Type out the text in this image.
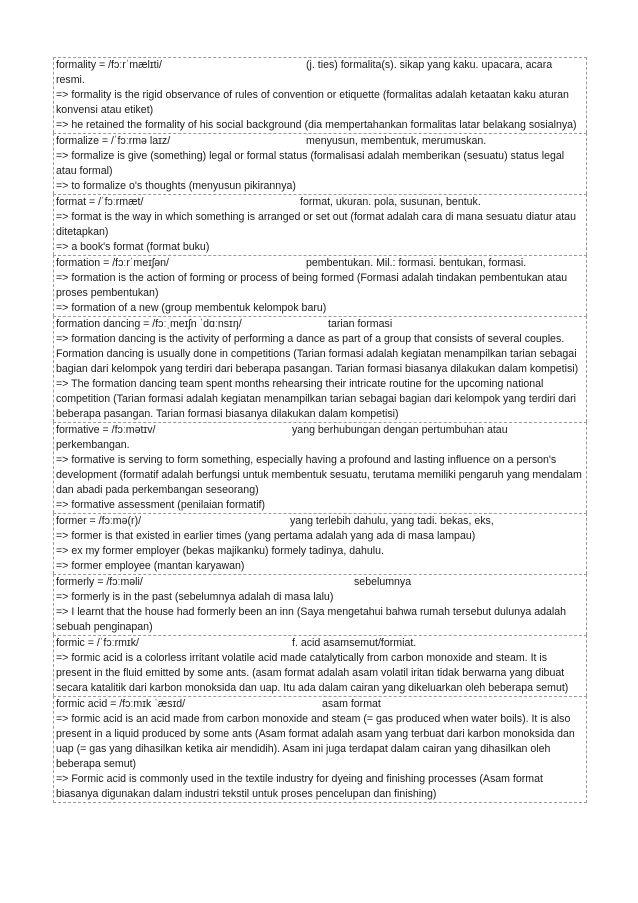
formality = /fɔːrˈmælɪti/	(j. ties) formalita(s). sikap yang kaku. upacara, acara
resmi.
=> formality is the rigid observance of rules of convention or etiquette (formalitas adalah ketaatan kaku aturan konvensi atau etiket)
=> he retained the formality of his social background (dia mempertahankan formalitas latar belakang sosialnya)
formalize = /ˈfɔːrmə laɪz/	menyusun, membentuk, merumuskan.
=> formalize is give (something) legal or formal status (formalisasi adalah memberikan (sesuatu) status legal atau formal)
=> to formalize o's thoughts (menyusun pikirannya)
format = /ˈfɔːrmæt/	format, ukuran. pola, susunan, bentuk.
=> format is the way in which something is arranged or set out (format adalah cara di mana sesuatu diatur atau ditetapkan)
=> a book's format (format buku)
formation = /fɔːrˈmeɪʃən/	pembentukan. Mil.: formasi. bentukan, formasi.
=> formation is the action of forming or process of being formed (Formasi adalah tindakan pembentukan atau proses pembentukan)
=> formation of a new (group membentuk kelompok baru)
formation dancing = /fɔːˌmeɪʃn ˈdɑːnsɪŋ/	tarian formasi
=> formation dancing is the activity of performing a dance as part of a group that consists of several couples. Formation dancing is usually done in competitions (Tarian formasi adalah kegiatan menampilkan tarian sebagai bagian dari kelompok yang terdiri dari beberapa pasangan. Tarian formasi biasanya dilakukan dalam kompetisi)
=> The formation dancing team spent months rehearsing their intricate routine for the upcoming national competition (Tarian formasi adalah kegiatan menampilkan tarian sebagai bagian dari kelompok yang terdiri dari beberapa pasangan. Tarian formasi biasanya dilakukan dalam kompetisi)
formative = /fɔːmətɪv/	yang berhubungan dengan pertumbuhan atau
perkembangan.
=> formative is serving to form something, especially having a profound and lasting influence on a person's development (formatif adalah berfungsi untuk membentuk sesuatu, terutama memiliki pengaruh yang mendalam dan abadi pada perkembangan seseorang)
=> formative assessment (penilaian formatif)
former = /fɔːmə(r)/	yang terlebih dahulu, yang tadi. bekas, eks,
=> former is that existed in earlier times (yang pertama adalah yang ada di masa lampau)
=> ex my former employer (bekas majikanku) formely tadinya, dahulu.
=> former employee (mantan karyawan)
formerly = /fɔːməli/	sebelumnya
=> formerly is in the past (sebelumnya adalah di masa lalu)
=> I learnt that the house had formerly been an inn (Saya mengetahui bahwa rumah tersebut dulunya adalah sebuah penginapan)
formic = /ˈfɔːrmɪk/	f. acid asamsemut/formiat.
=> formic acid is a colorless irritant volatile acid made catalytically from carbon monoxide and steam. It is present in the fluid emitted by some ants. (asam format adalah asam volatil iritan tidak berwarna yang dibuat secara katalitik dari karbon monoksida dan uap. Itu ada dalam cairan yang dikeluarkan oleh beberapa semut)
formic acid = /fɔːmɪk ˈæsɪd/	asam format
=> formic acid is an acid made from carbon monoxide and steam (= gas produced when water boils). It is also present in a liquid produced by some ants (Asam format adalah asam yang terbuat dari karbon monoksida dan uap (= gas yang dihasilkan ketika air mendidih). Asam ini juga terdapat dalam cairan yang dihasilkan oleh beberapa semut)
=> Formic acid is commonly used in the textile industry for dyeing and finishing processes (Asam format biasanya digunakan dalam industri tekstil untuk proses pencelupan dan finishing)
